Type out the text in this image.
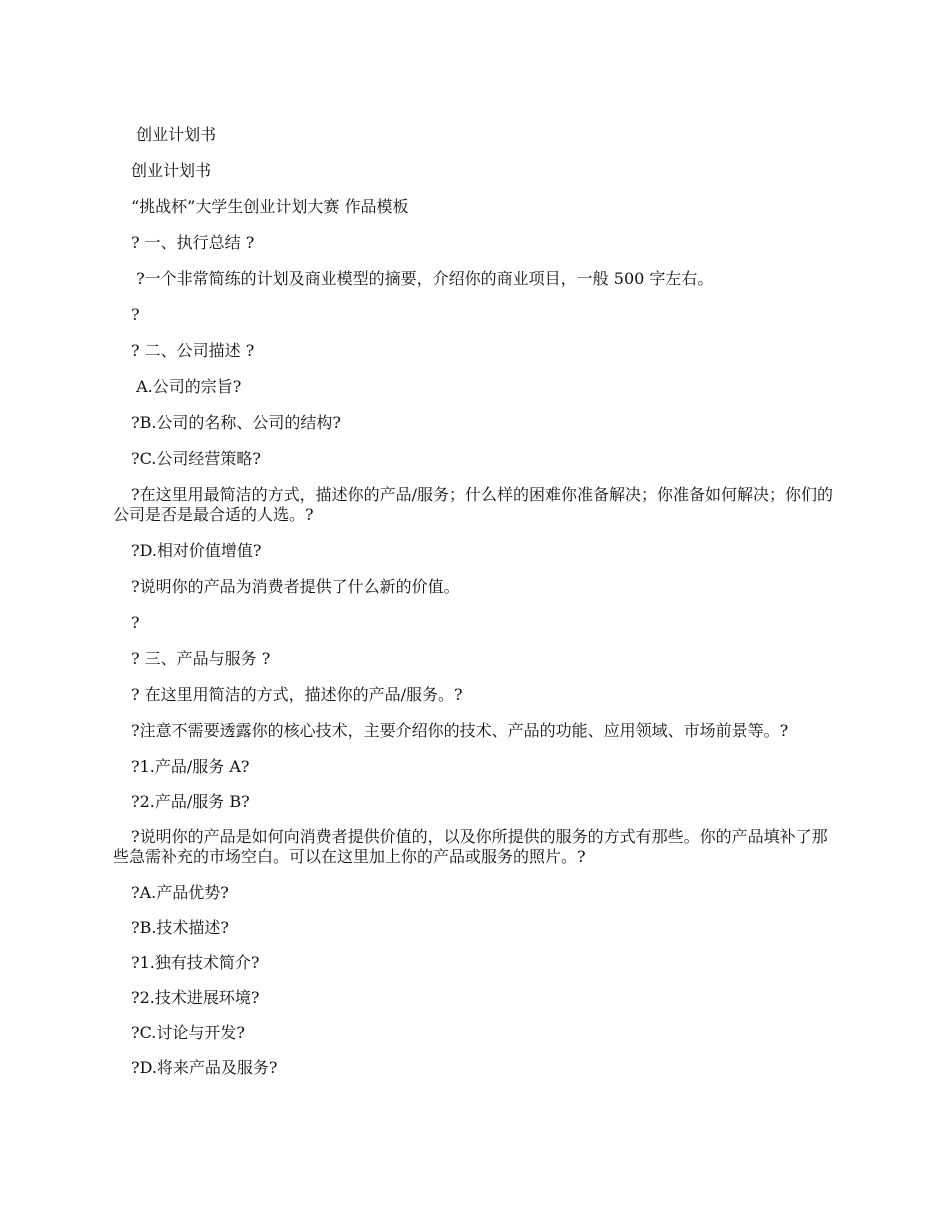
创业计划书

创业计划书

“挑战杯”大学生创业计划大赛 作品模板

? 一、执行总结 ?

?一个非常简练的计划及商业模型的摘要，介绍你的商业项目，一般 500 字左右。

?

? 二、公司描述 ?

A.公司的宗旨?

?B.公司的名称、公司的结构?

?C.公司经营策略?

?在这里用最简洁的方式，描述你的产品/服务；什么样的困难你准备解决；你准备如何解决；你们的公司是否是最合适的人选。?

?D.相对价值增值?

?说明你的产品为消费者提供了什么新的价值。

?

? 三、产品与服务 ?

? 在这里用简洁的方式，描述你的产品/服务。?

?注意不需要透露你的核心技术，主要介绍你的技术、产品的功能、应用领域、市场前景等。?

?1.产品/服务 A?

?2.产品/服务 B?

?说明你的产品是如何向消费者提供价值的，以及你所提供的服务的方式有那些。你的产品填补了那些急需补充的市场空白。可以在这里加上你的产品或服务的照片。?

?A.产品优势?

?B.技术描述?

?1.独有技术简介?

?2.技术进展环境?

?C.讨论与开发?

?D.将来产品及服务?
